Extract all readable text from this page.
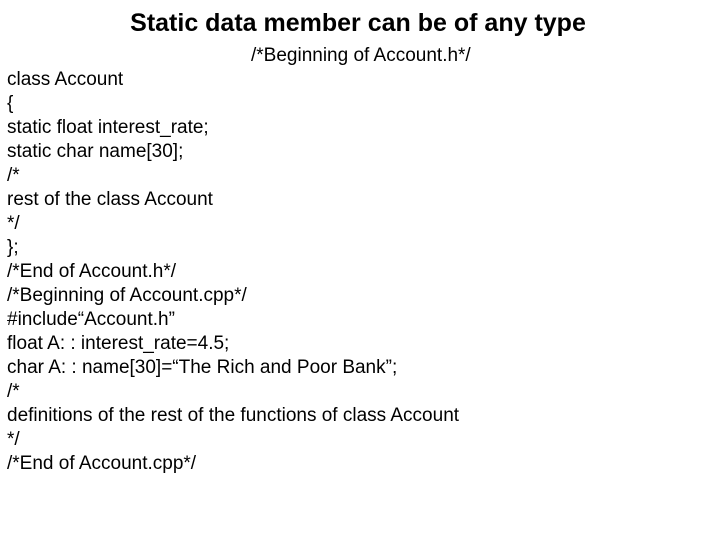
Static data member can be of any type
/*Beginning of Account.h*/
class Account
{
static float interest_rate;
static char name[30];
/*
rest of the class Account
*/
};
/*End of Account.h*/
/*Beginning of Account.cpp*/
#include“Account.h”
float A: : interest_rate=4.5;
char A: : name[30]=“The Rich and Poor Bank”;
/*
definitions of the rest of the functions of class Account
*/
/*End of Account.cpp*/
